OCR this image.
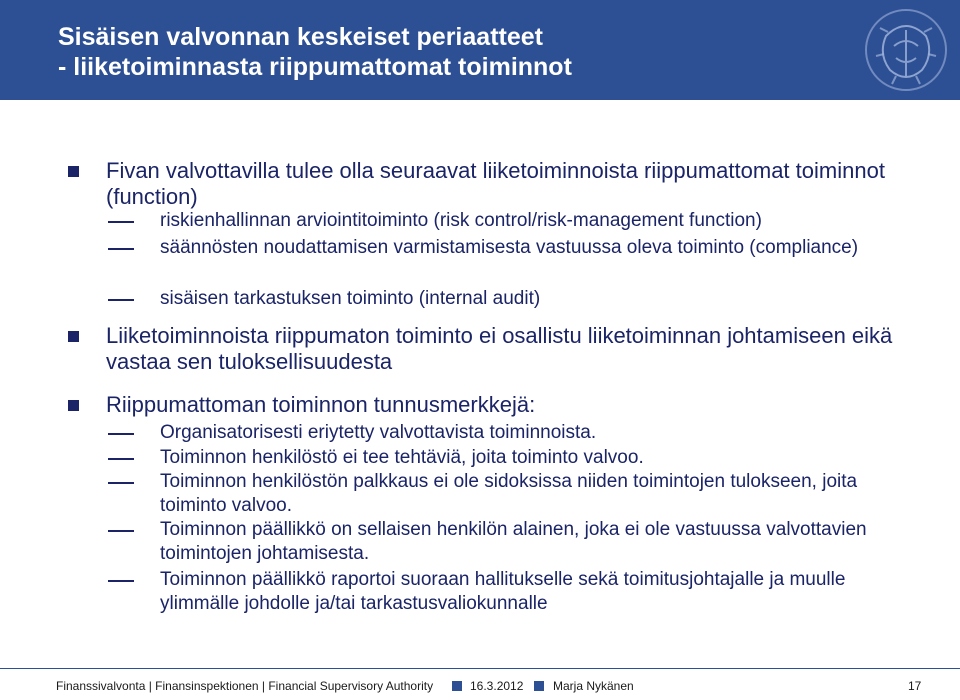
Sisäisen valvonnan keskeiset periaatteet
- liiketoiminnasta riippumattomat toiminnot
Fivan valvottavilla tulee olla seuraavat liiketoiminnoista riippumattomat toiminnot (function)
riskienhallinnan arviointitoiminto (risk control/risk-management function)
säännösten noudattamisen varmistamisesta vastuussa oleva toiminto (compliance)
sisäisen tarkastuksen toiminto (internal audit)
Liiketoiminnoista riippumaton toiminto ei osallistu liiketoiminnan johtamiseen eikä vastaa sen tuloksellisuudesta
Riippumattoman toiminnon tunnusmerkkejä:
Organisatorisesti eriytetty valvottavista toiminnoista.
Toiminnon henkilöstö ei tee tehtäviä, joita toiminto valvoo.
Toiminnon henkilöstön palkkaus ei ole sidoksissa niiden toimintojen tulokseen, joita toiminto valvoo.
Toiminnon päällikkö on sellaisen henkilön alainen, joka ei ole vastuussa valvottavien toimintojen johtamisesta.
Toiminnon päällikkö raportoi suoraan hallitukselle sekä toimitusjohtajalle ja muulle ylimmälle johdolle ja/tai tarkastusvaliokunnalle
Finanssivalvonta | Finansinspektionen | Financial Supervisory Authority	16.3.2012 Marja Nykänen	17
